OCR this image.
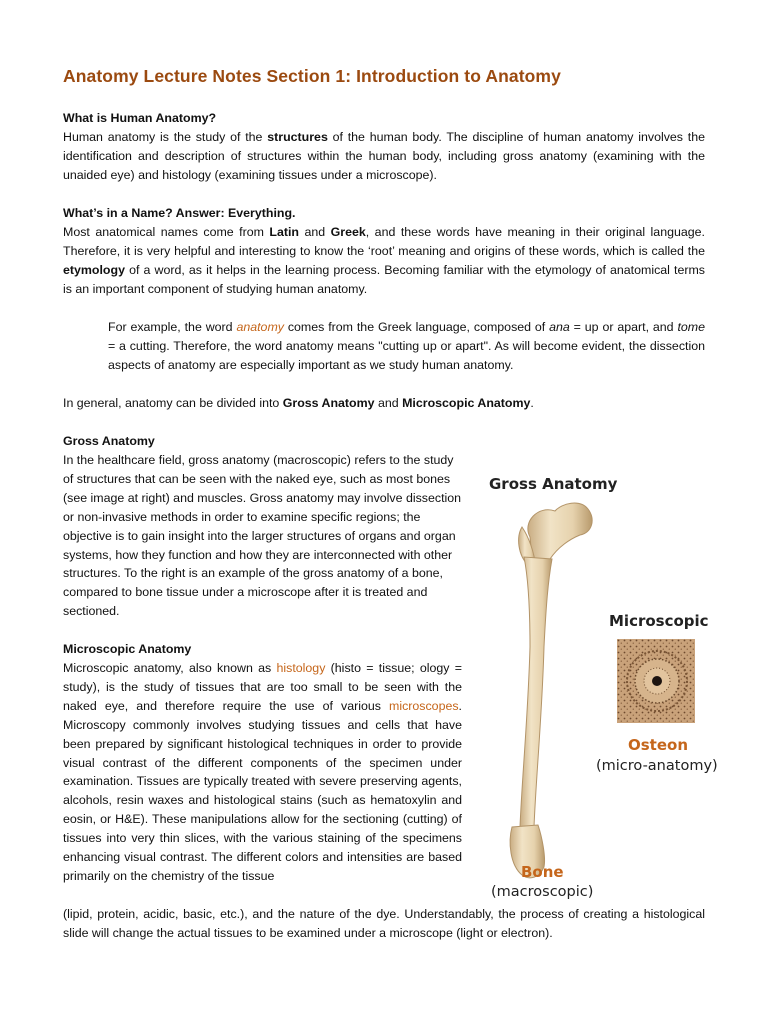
Anatomy Lecture Notes Section 1: Introduction to Anatomy
What is Human Anatomy?
Human anatomy is the study of the structures of the human body. The discipline of human anatomy involves the identification and description of structures within the human body, including gross anatomy (examining with the unaided eye) and histology (examining tissues under a microscope).
What’s in a Name? Answer: Everything.
Most anatomical names come from Latin and Greek, and these words have meaning in their original language. Therefore, it is very helpful and interesting to know the ‘root’ meaning and origins of these words, which is called the etymology of a word, as it helps in the learning process. Becoming familiar with the etymology of anatomical terms is an important component of studying human anatomy.
For example, the word anatomy comes from the Greek language, composed of ana = up or apart, and tome = a cutting. Therefore, the word anatomy means "cutting up or apart". As will become evident, the dissection aspects of anatomy are especially important as we study human anatomy.
In general, anatomy can be divided into Gross Anatomy and Microscopic Anatomy.
Gross Anatomy
In the healthcare field, gross anatomy (macroscopic) refers to the study of structures that can be seen with the naked eye, such as most bones (see image at right) and muscles. Gross anatomy may involve dissection or non-invasive methods in order to examine specific regions; the objective is to gain insight into the larger structures of organs and organ systems, how they function and how they are interconnected with other structures. To the right is an example of the gross anatomy of a bone, compared to bone tissue under a microscope after it is treated and sectioned.
Microscopic Anatomy
Microscopic anatomy, also known as histology (histo = tissue; ology = study), is the study of tissues that are too small to be seen with the naked eye, and therefore require the use of various microscopes. Microscopy commonly involves studying tissues and cells that have been prepared by significant histological techniques in order to provide visual contrast of the different components of the specimen under examination. Tissues are typically treated with severe preserving agents, alcohols, resin waxes and histological stains (such as hematoxylin and eosin, or H&E). These manipulations allow for the sectioning (cutting) of tissues into very thin slices, with the various staining of the specimens enhancing visual contrast. The different colors and intensities are based primarily on the chemistry of the tissue
(lipid, protein, acidic, basic, etc.), and the nature of the dye. Understandably, the process of creating a histological slide will change the actual tissues to be examined under a microscope (light or electron).
Gross Anatomy
Microscopic
Osteon
(micro-anatomy)
Bone
(macroscopic)
